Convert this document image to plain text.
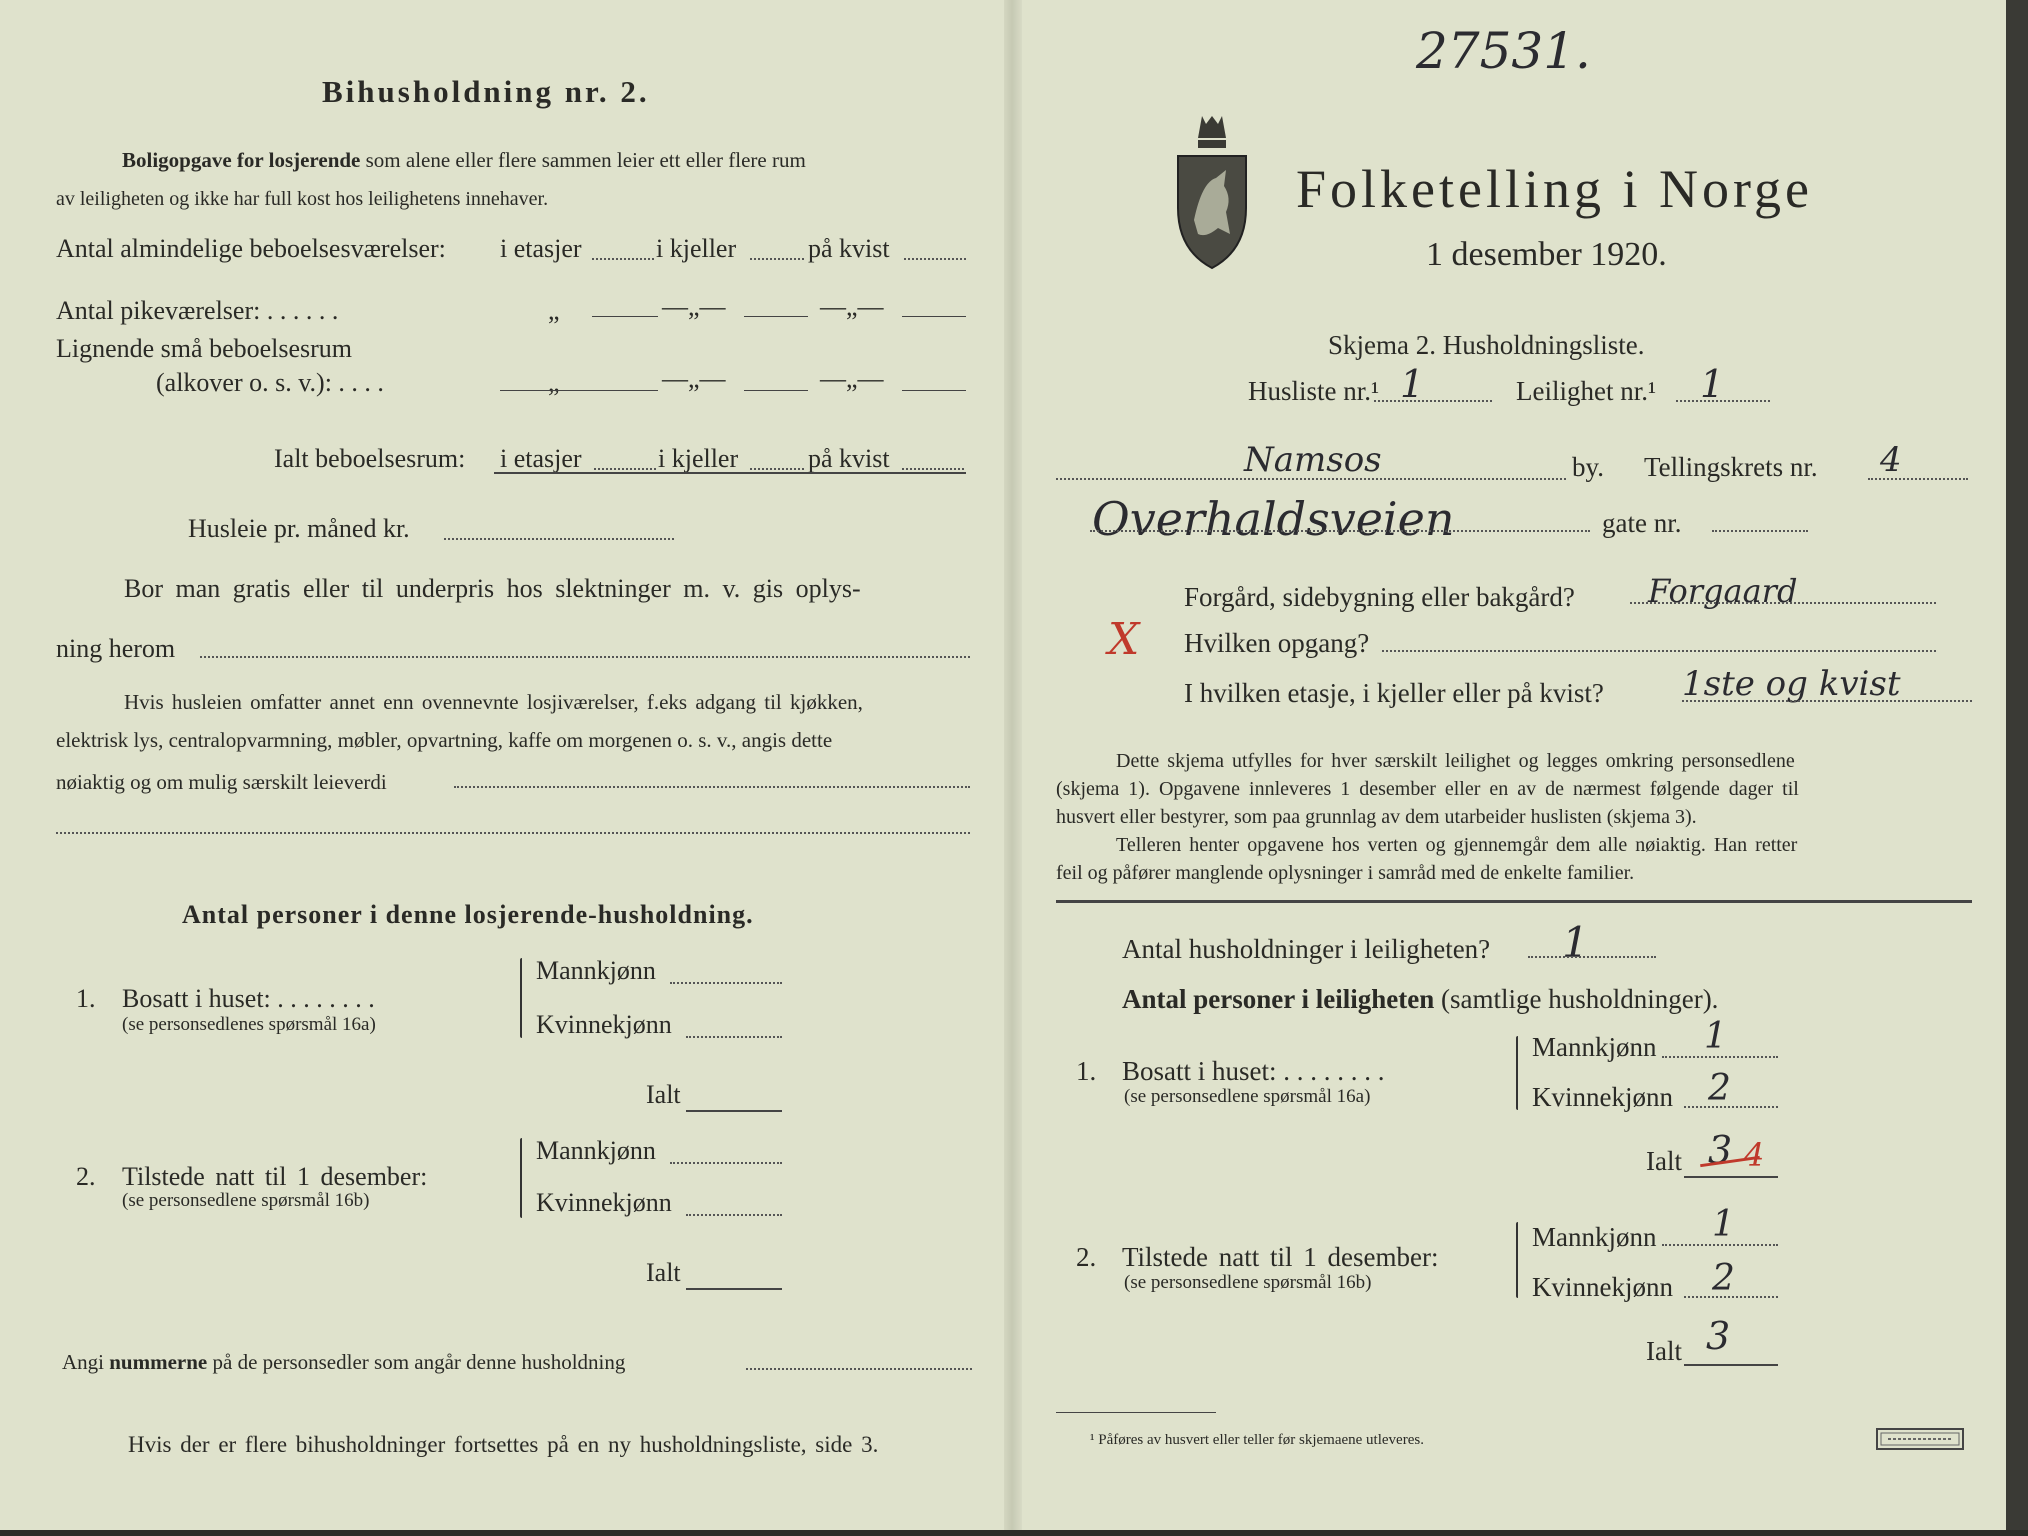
Bihusholdning nr. 2.
Boligopgave for losjerende som alene eller flere sammen leier ett eller flere rum
av leiligheten og ikke har full kost hos leilighetens innehaver.
Antal almindelige beboelsesværelser: i etasjer	i kjeller	på kvist
Antal pikeværelser: . . . . . .	„	—„—	—„—
Lignende små beboelsesrum
(alkover o. s. v.): . . . .	„	—„—	—„—
Ialt beboelsesrum: i etasjer	i kjeller	på kvist
Husleie pr. måned kr.
Bor man gratis eller til underpris hos slektninger m. v. gis oplys-
ning herom
Hvis husleien omfatter annet enn ovennevnte losjiværelser, f.eks adgang til kjøkken,
elektrisk lys, centralopvarmning, møbler, opvartning, kaffe om morgenen o. s. v., angis dette
nøiaktig og om mulig særskilt leieverdi
Antal personer i denne losjerende-husholdning.
1. Bosatt i huset: . . . . . . . .
(se personsedlenes spørsmål 16a)
Mannkjønn
Kvinnekjønn
Ialt
2. Tilstede natt til 1 desember:
(se personsedlene spørsmål 16b)
Mannkjønn
Kvinnekjønn
Ialt
Angi nummerne på de personsedler som angår denne husholdning
Hvis der er flere bihusholdninger fortsettes på en ny husholdningsliste, side 3.
27531.
Folketelling i Norge
1 desember 1920.
Skjema 2. Husholdningsliste.
Husliste nr.¹ 1	Leilighet nr.¹ 1
Namsos	by. Tellingskrets nr. 4
Overhaldsveien	gate nr.
Forgård, sidebygning eller bakgård? Forgaard
X Hvilken opgang?
I hvilken etasje, i kjeller eller på kvist? 1ste og kvist
Dette skjema utfylles for hver særskilt leilighet og legges omkring personsedlene
(skjema 1). Opgavene innleveres 1 desember eller en av de nærmest følgende dager til
husvert eller bestyrer, som paa grunnlag av dem utarbeider huslisten (skjema 3).
Telleren henter opgavene hos verten og gjennemgår dem alle nøiaktig. Han retter
feil og påfører manglende oplysninger i samråd med de enkelte familier.
Antal husholdninger i leiligheten? 1
Antal personer i leiligheten (samtlige husholdninger).
1. Bosatt i huset: . . . . . . . .
(se personsedlene spørsmål 16a)
Mannkjønn 1
Kvinnekjønn 2
Ialt 3 4
2. Tilstede natt til 1 desember:
(se personsedlene spørsmål 16b)
Mannkjønn 1
Kvinnekjønn 2
Ialt 3
¹ Påføres av husvert eller teller før skjemaene utleveres.
